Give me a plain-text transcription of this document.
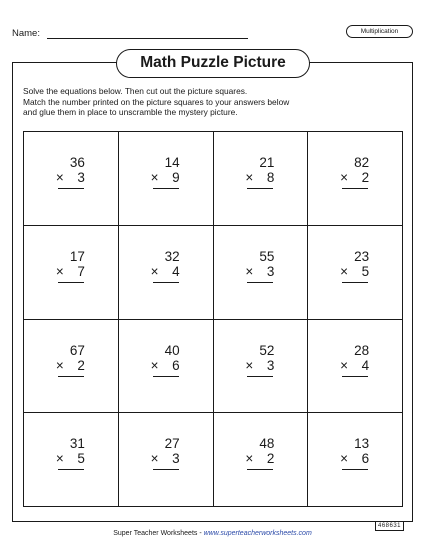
Name:	Multiplication
Math Puzzle Picture
Solve the equations below. Then cut out the picture squares.
Match the number printed on the picture squares to your answers below
and glue them in place to unscramble the mystery picture.
36
× 3
14
× 9
21
× 8
82
× 2
17
× 7
32
× 4
55
× 3
23
× 5
67
× 2
40
× 6
52
× 3
28
× 4
31
× 5
27
× 3
48
× 2
13
× 6
468631
Super Teacher Worksheets - www.superteacherworksheets.com
